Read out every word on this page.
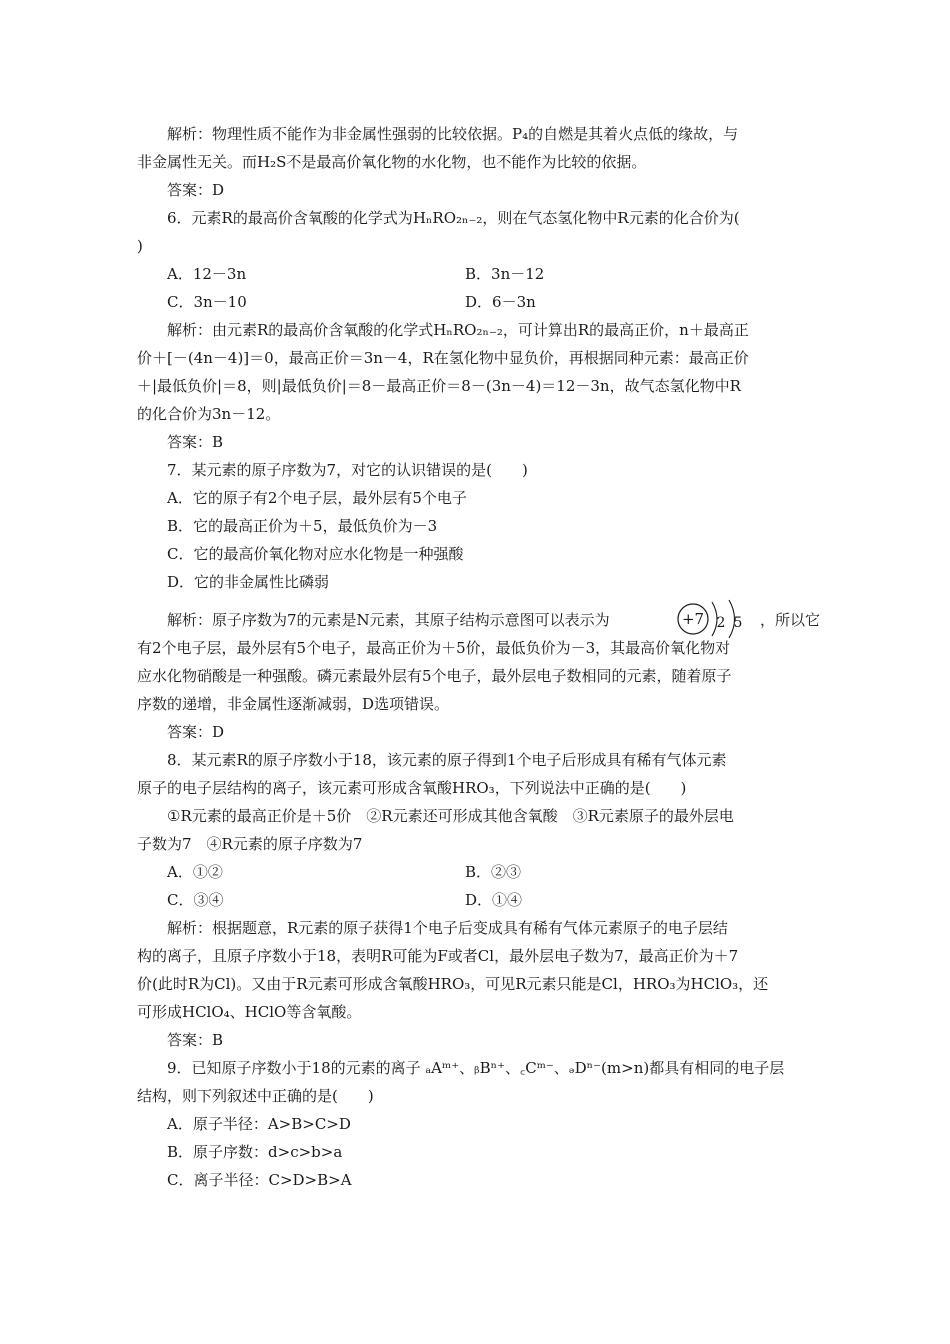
解析：物理性质不能作为非金属性强弱的比较依据。P₄的自燃是其着火点低的缘故，与
非金属性无关。而H₂S不是最高价氧化物的水化物，也不能作为比较的依据。
答案：D
6．元素R的最高价含氧酸的化学式为HₙRO₂ₙ₋₂，则在气态氢化物中R元素的化合价为(
)
A．12－3n	B．3n－12
C．3n－10	D．6－3n
解析：由元素R的最高价含氧酸的化学式HₙRO₂ₙ₋₂，可计算出R的最高正价，n＋最高正
价＋[－(4n－4)]＝0，最高正价＝3n－4，R在氢化物中显负价，再根据同种元素：最高正价
＋|最低负价|＝8，则|最低负价|＝8－最高正价＝8－(3n－4)＝12－3n，故气态氢化物中R
的化合价为3n－12。
答案：B
7．某元素的原子序数为7，对它的认识错误的是(　　)
A．它的原子有2个电子层，最外层有5个电子
B．它的最高正价为＋5，最低负价为－3
C．它的最高价氧化物对应水化物是一种强酸
D．它的非金属性比磷弱
解析：原子序数为7的元素是N元素，其原子结构示意图可以表示为	+7 2 5 ，所以它
有2个电子层，最外层有5个电子，最高正价为＋5价，最低负价为－3，其最高价氧化物对
应水化物硝酸是一种强酸。磷元素最外层有5个电子，最外层电子数相同的元素，随着原子
序数的递增，非金属性逐渐减弱，D选项错误。
答案：D
8．某元素R的原子序数小于18，该元素的原子得到1个电子后形成具有稀有气体元素
原子的电子层结构的离子，该元素可形成含氧酸HRO₃，下列说法中正确的是(　　)
①R元素的最高正价是＋5价　②R元素还可形成其他含氧酸　③R元素原子的最外层电
子数为7　④R元素的原子序数为7
A．①②	B．②③
C．③④	D．①④
解析：根据题意，R元素的原子获得1个电子后变成具有稀有气体元素原子的电子层结
构的离子，且原子序数小于18，表明R可能为F或者Cl，最外层电子数为7，最高正价为＋7
价(此时R为Cl)。又由于R元素可形成含氧酸HRO₃，可见R元素只能是Cl，HRO₃为HClO₃，还
可形成HClO₄、HClO等含氧酸。
答案：B
9．已知原子序数小于18的元素的离子 ₐAᵐ⁺、ᵦBⁿ⁺、꜀Cᵐ⁻、ₔDⁿ⁻(m>n)都具有相同的电子层
结构，则下列叙述中正确的是(　　)
A．原子半径：A>B>C>D
B．原子序数：d>c>b>a
C．离子半径：C>D>B>A
